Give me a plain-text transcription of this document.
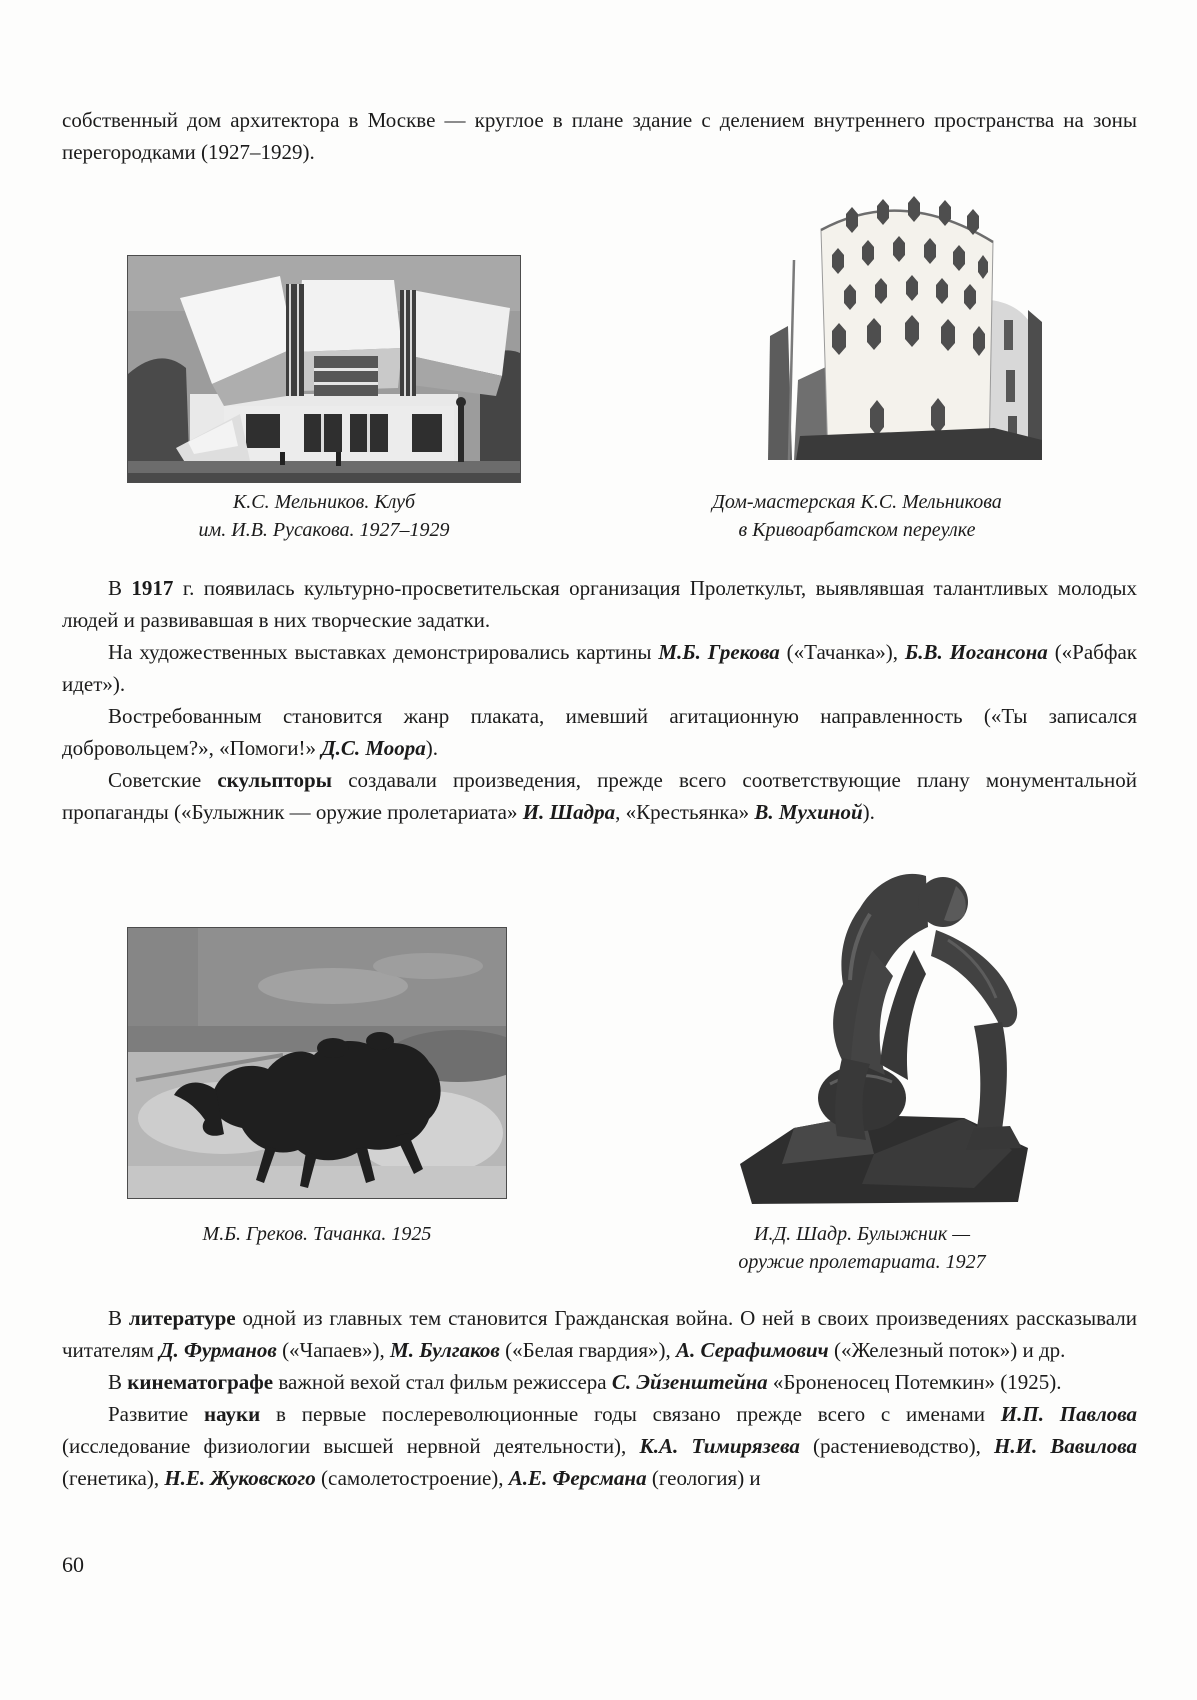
собственный дом архитектора в Москве — круглое в плане здание с делением внутреннего пространства на зоны перегородками (1927–1929).

К.С. Мельников. Клуб
им. И.В. Русакова. 1927–1929
Дом-мастерская К.С. Мельникова
в Кривоарбатском переулке

В 1917 г. появилась культурно-просветительская организация Пролеткульт, выявлявшая талантливых молодых людей и развивавшая в них творческие задатки.

На художественных выставках демонстрировались картины М.Б. Грекова («Тачанка»), Б.В. Иогансона («Рабфак идет»).

Востребованным становится жанр плаката, имевший агитационную направленность («Ты записался добровольцем?», «Помоги!» Д.С. Моора).

Советские скульпторы создавали произведения, прежде всего соответствующие плану монументальной пропаганды («Булыжник — оружие пролетариата» И. Шадра, «Крестьянка» В. Мухиной).

М.Б. Греков. Тачанка. 1925	И.Д. Шадр. Булыжник —
оружие пролетариата. 1927

В литературе одной из главных тем становится Гражданская война. О ней в своих произведениях рассказывали читателям Д. Фурманов («Чапаев»), М. Булгаков («Белая гвардия»), А. Серафимович («Железный поток») и др.

В кинематографе важной вехой стал фильм режиссера С. Эйзенштейна «Броненосец Потемкин» (1925).

Развитие науки в первые послереволюционные годы связано прежде всего с именами И.П. Павлова (исследование физиологии высшей нервной деятельности), К.А. Тимирязева (растениеводство), Н.И. Вавилова (генетика), Н.Е. Жуковского (самолетостроение), А.Е. Ферсмана (геология) и

60
